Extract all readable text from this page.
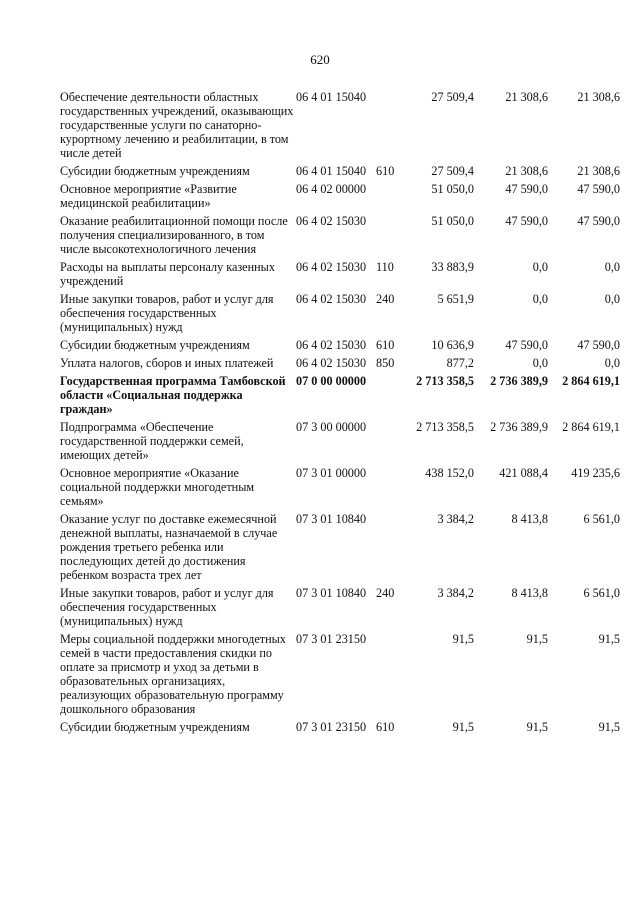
620
Обеспечение деятельности областных государственных учреждений, оказывающих государственные услуги по санаторно-курортному лечению и реабилитации, в том числе детей	06 4 01 15040		27 509,4	21 308,6	21 308,6
Субсидии бюджетным учреждениям	06 4 01 15040	610	27 509,4	21 308,6	21 308,6
Основное мероприятие «Развитие медицинской реабилитации»	06 4 02 00000		51 050,0	47 590,0	47 590,0
Оказание реабилитационной помощи после получения специализированного, в том числе высокотехнологичного лечения	06 4 02 15030		51 050,0	47 590,0	47 590,0
Расходы на выплаты персоналу казенных учреждений	06 4 02 15030	110	33 883,9	0,0	0,0
Иные закупки товаров, работ и услуг для обеспечения государственных (муниципальных) нужд	06 4 02 15030	240	5 651,9	0,0	0,0
Субсидии бюджетным учреждениям	06 4 02 15030	610	10 636,9	47 590,0	47 590,0
Уплата налогов, сборов и иных платежей	06 4 02 15030	850	877,2	0,0	0,0
Государственная программа Тамбовской области «Социальная поддержка граждан»	07 0 00 00000		2 713 358,5	2 736 389,9	2 864 619,1
Подпрограмма «Обеспечение государственной поддержки семей, имеющих детей»	07 3 00 00000		2 713 358,5	2 736 389,9	2 864 619,1
Основное мероприятие «Оказание социальной поддержки многодетным семьям»	07 3 01 00000		438 152,0	421 088,4	419 235,6
Оказание услуг по доставке ежемесячной денежной выплаты, назначаемой в случае рождения третьего ребенка или последующих детей до достижения ребенком возраста трех лет	07 3 01 10840		3 384,2	8 413,8	6 561,0
Иные закупки товаров, работ и услуг для обеспечения государственных (муниципальных) нужд	07 3 01 10840	240	3 384,2	8 413,8	6 561,0
Меры социальной поддержки многодетных семей в части предоставления скидки по оплате за присмотр и уход за детьми в образовательных организациях, реализующих образовательную программу дошкольного образования	07 3 01 23150		91,5	91,5	91,5
Субсидии бюджетным учреждениям	07 3 01 23150	610	91,5	91,5	91,5
